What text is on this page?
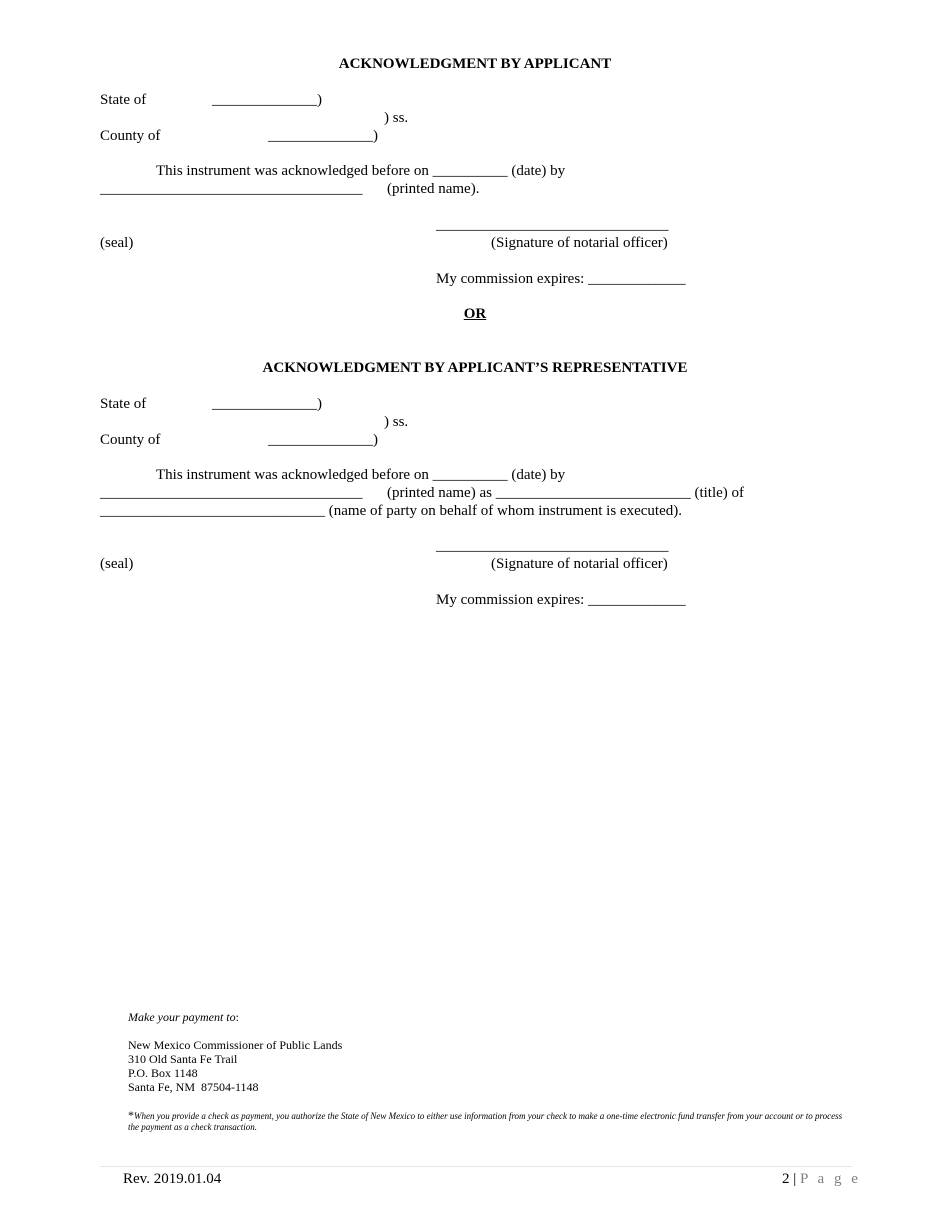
ACKNOWLEDGMENT BY APPLICANT
State of	______________)
) ss.
County of	______________)
This instrument was acknowledged before on __________ (date) by
___________________________________ (printed name).
_______________________________
(seal)	(Signature of notarial officer)
My commission expires: _____________
OR
ACKNOWLEDGMENT BY APPLICANT’S REPRESENTATIVE
State of	______________)
) ss.
County of	______________)
This instrument was acknowledged before on __________ (date) by
___________________________________ (printed name) as __________________________ (title) of
______________________________ (name of party on behalf of whom instrument is executed).
_______________________________
(seal)	(Signature of notarial officer)
My commission expires: _____________
Make your payment to:
New Mexico Commissioner of Public Lands
310 Old Santa Fe Trail
P.O. Box 1148
Santa Fe, NM  87504-1148
*When you provide a check as payment, you authorize the State of New Mexico to either use information from your check to make a one-time electronic fund transfer from your account or to process the payment as a check transaction.
Rev. 2019.01.04	2 | P a g e
